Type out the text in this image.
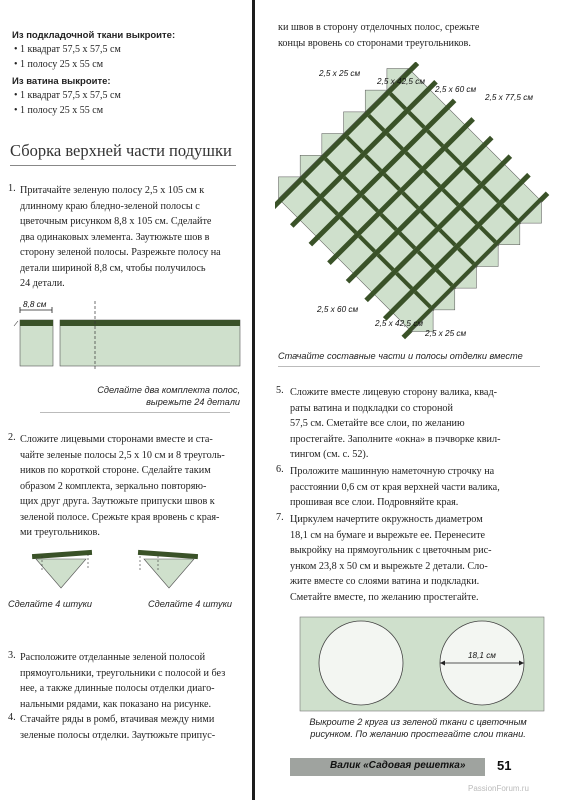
Из подкладочной ткани выкроите:
• 1 квадрат 57,5 х 57,5 см
• 1 полосу 25 х 55 см
Из ватина выкроите:
• 1 квадрат 57,5 х 57,5 см
• 1 полосу 25 х 55 см
Сборка верхней части подушки
1. Притачайте зеленую полосу 2,5 х 105 см к
длинному краю бледно-зеленой полосы с
цветочным рисунком 8,8 х 105 см. Сделайте
два одинаковых элемента. Заутюжьте шов в
сторону зеленой полосы. Разрежьте полосу на
детали шириной 8,8 см, чтобы получилось
24 детали.
8,8 см
Сделайте два комплекта полос,
вырежьте 24 детали
2. Сложите лицевыми сторонами вместе и ста-
чайте зеленые полосы 2,5 х 10 см и 8 треуголь-
ников по короткой стороне. Сделайте таким
образом 2 комплекта, зеркально повторяю-
щих друг друга. Заутюжьте припуски швов к
зеленой полосе. Срежьте края вровень с края-
ми треугольников.
Сделайте 4 штуки	Сделайте 4 штуки
3. Расположите отделанные зеленой полосой
прямоугольники, треугольники с полосой и без
нее, а также длинные полосы отделки диаго-
нальными рядами, как показано на рисунке.
4. Стачайте ряды в ромб, втачивая между ними
зеленые полосы отделки. Заутюжьте припус-
ки швов в сторону отделочных полос, срежьте
концы вровень со сторонами треугольников.
2,5 х 25 см
2,5 х 42,5 см
2,5 х 60 см
2,5 х 77,5 см
2,5 х 60 см
2,5 х 42,5 см
2,5 х 25 см
Стачайте составные части и полосы отделки вместе
5. Сложите вместе лицевую сторону валика, квад-
раты ватина и подкладки со стороной
57,5 см. Сметайте все слои, по желанию
простегайте. Заполните «окна» в пэчворке квил-
тингом (см. с. 52).
6. Проложите машинную наметочную строчку на
расстоянии 0,6 см от края верхней части валика,
прошивая все слои. Подровняйте края.
7. Циркулем начертите окружность диаметром
18,1 см на бумаге и вырежьте ее. Перенесите
выкройку на прямоугольник с цветочным рис-
унком 23,8 х 50 см и вырежьте 2 детали. Сло-
жите вместе со слоями ватина и подкладки.
Сметайте вместе, по желанию простегайте.
18,1 см
Выкроите 2 круга из зеленой ткани с цветочным
рисунком. По желанию простегайте слои ткани.
Валик «Садовая решетка» 51
PassionForum.ru
